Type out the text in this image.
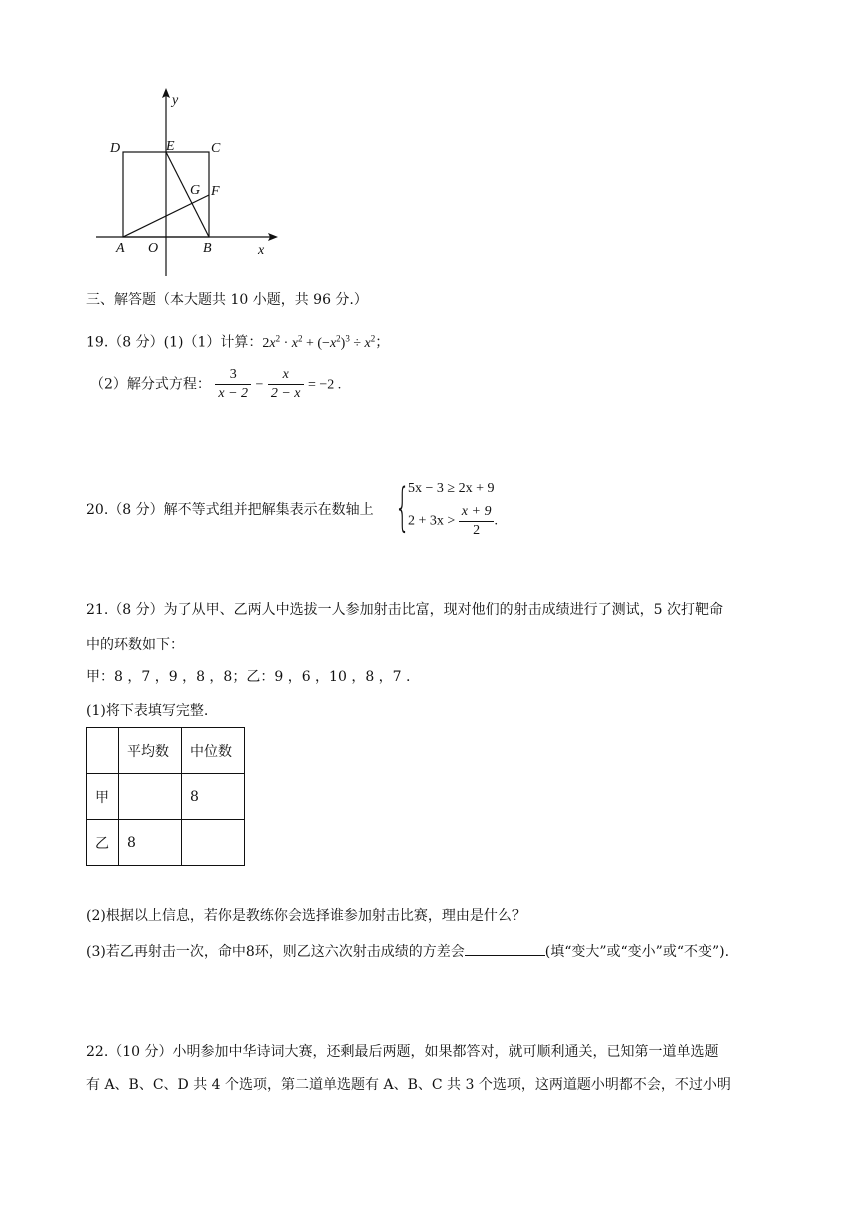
y
x
D	E	C
G F
A O	B
三、解答题（本大题共 10 小题，共 96 分.）
19.（8 分）(1)（1）计算：$2x^2 \cdot x^2 + (-x^2)^3 \div x^2$；
（2）解分式方程： $\frac{3}{x - 2} - \frac{x}{2 - x} = -2$ .
20.（8 分）解不等式组并把解集表示在数轴上 {
5x − 3 ≥ 2x + 9
$2 + 3x > \frac{x + 9}{2}$ .
21.（8 分）为了从甲、乙两人中选拔一人参加射击比富，现对他们的射击成绩进行了测试，5 次打靶命
中的环数如下：
甲：8 ，7 ，9 ，8 ，8；乙：9 ，6 ，10 ，8 ，7 .
(1)将下表填写完整.
	平均数	中位数
甲		8
乙	8	
(2)根据以上信息，若你是教练你会选择谁参加射击比赛，理由是什么？
(3)若乙再射击一次，命中8环，则乙这六次射击成绩的方差会	(填“变大”或“变小”或“不变”).
22.（10 分）小明参加中华诗词大赛，还剩最后两题，如果都答对，就可顺利通关，已知第一道单选题
有 A、B、C、D 共 4 个选项，第二道单选题有 A、B、C 共 3 个选项，这两道题小明都不会，不过小明
